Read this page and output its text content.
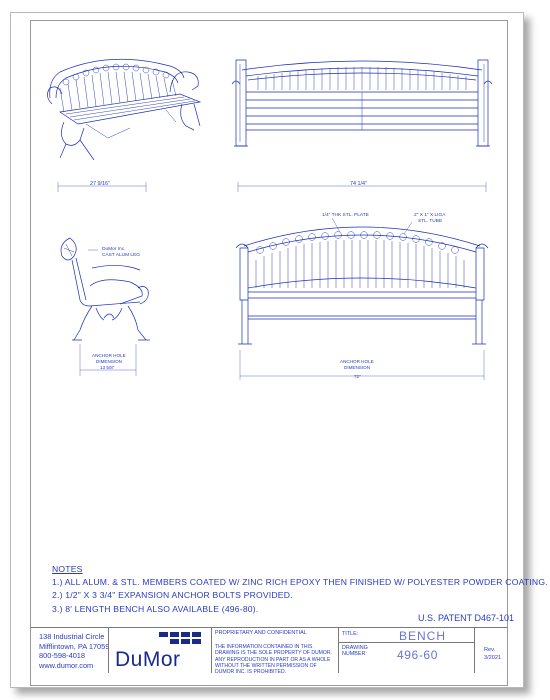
27 9/16"
DuMor Inc.
CAST ALUM LEG
ANCHOR HOLE
DIMENSION
13 5/8"
74 1/4"
1/4" THK STL. PLATE	2" X 1" X LIGA
STL. TUBE
ANCHOR HOLE
DIMENSION
72"
NOTES
1.) ALL ALUM. & STL. MEMBERS COATED W/ ZINC RICH EPOXY THEN FINISHED W/ POLYESTER POWDER COATING.
2.) 1/2" X 3 3/4" EXPANSION ANCHOR BOLTS PROVIDED.
3.) 8' LENGTH BENCH ALSO AVAILABLE (496-80).
U.S. PATENT D467-101
138 Industrial Circle
Mifflintown, PA 17059
800-598-4018
www.dumor.com	DuMor
PROPRIETARY AND CONFIDENTIAL
THE INFORMATION CONTAINED IN THIS DRAWING IS THE SOLE PROPERTY OF DUMOR. ANY REPRODUCTION IN PART OR AS A WHOLE WITHOUT THE WRITTEN PERMISSION OF DUMOR INC. IS PROHIBITED.
TITLE:
DRAWING
NUMBER:
BENCH
496-60	Rev.
3/2021
